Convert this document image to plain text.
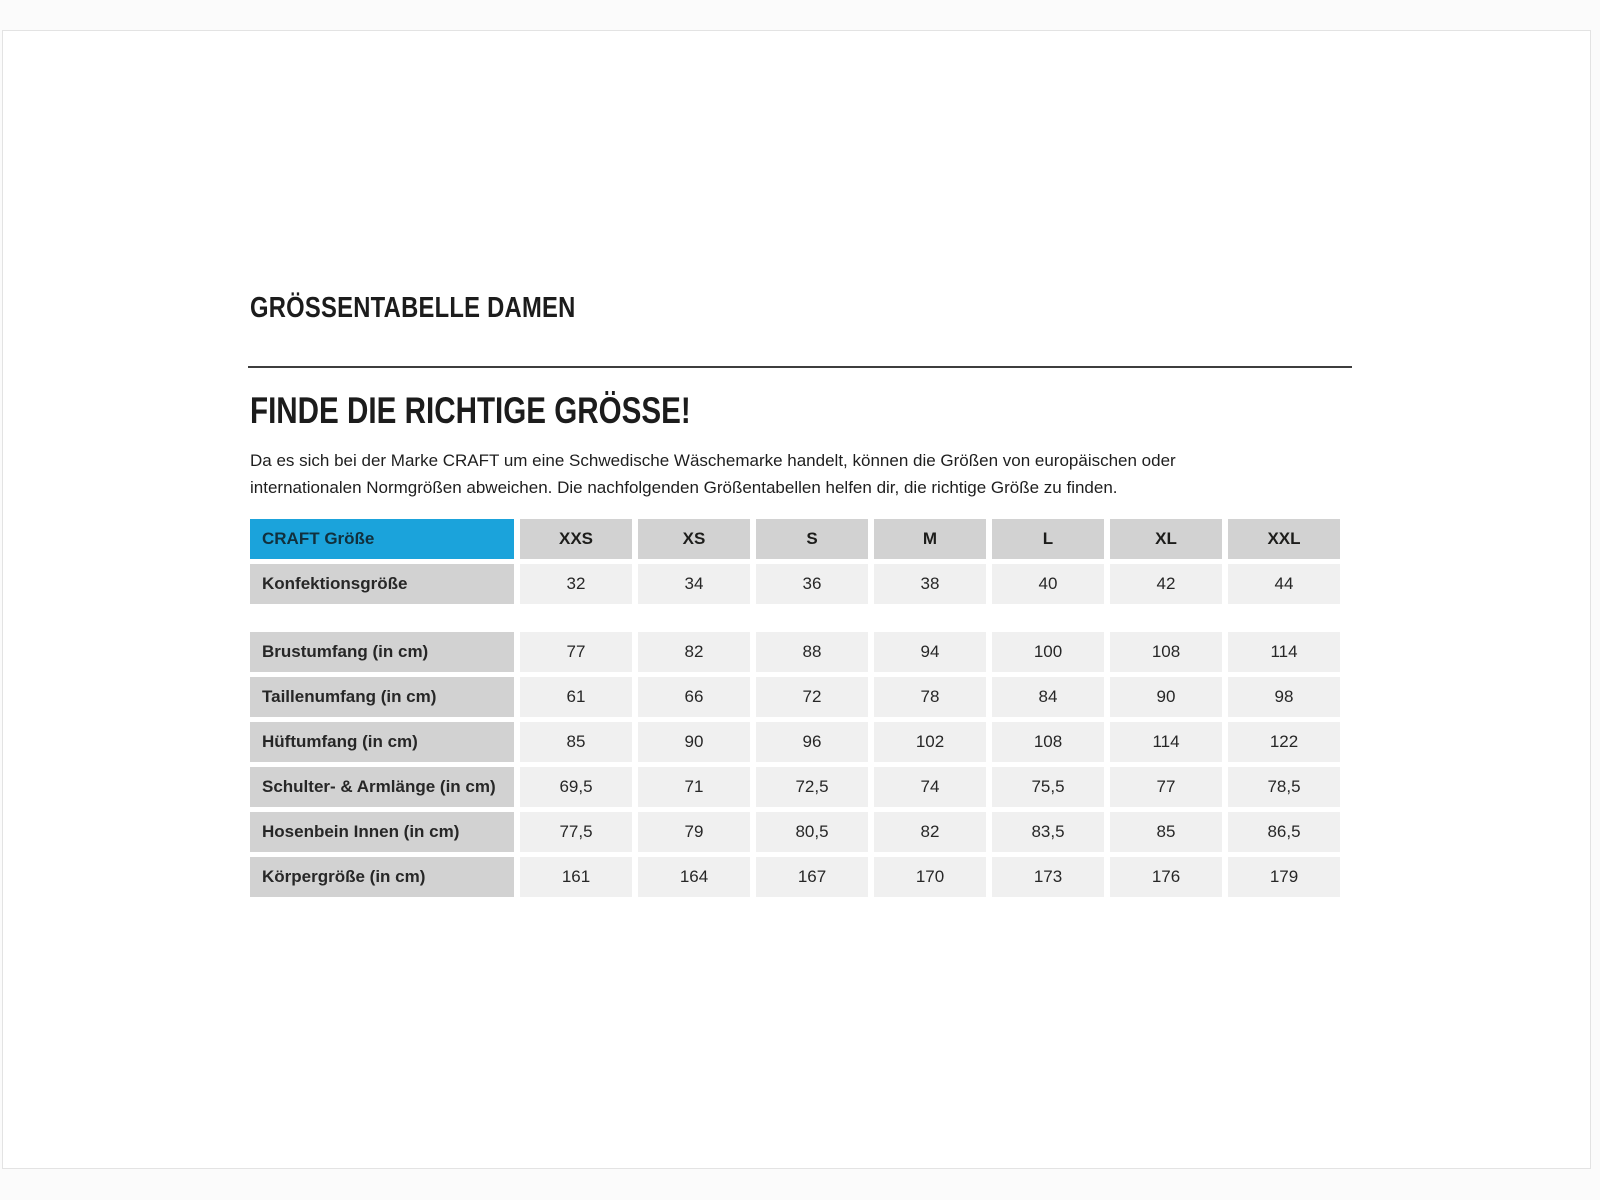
GRÖSSENTABELLE DAMEN
FINDE DIE RICHTIGE GRÖSSE!
Da es sich bei der Marke CRAFT um eine Schwedische Wäschemarke handelt, können die Größen von europäischen oder
internationalen Normgrößen abweichen. Die nachfolgenden Größentabellen helfen dir, die richtige Größe zu finden.
CRAFT Größe	XXS	XS	S	M	L	XL	XXL
Konfektionsgröße	32	34	36	38	40	42	44

Brustumfang (in cm)	77	82	88	94	100	108	114
Taillenumfang (in cm)	61	66	72	78	84	90	98
Hüftumfang (in cm)	85	90	96	102	108	114	122
Schulter- & Armlänge (in cm)	69,5	71	72,5	74	75,5	77	78,5
Hosenbein Innen (in cm)	77,5	79	80,5	82	83,5	85	86,5
Körpergröße (in cm)	161	164	167	170	173	176	179
